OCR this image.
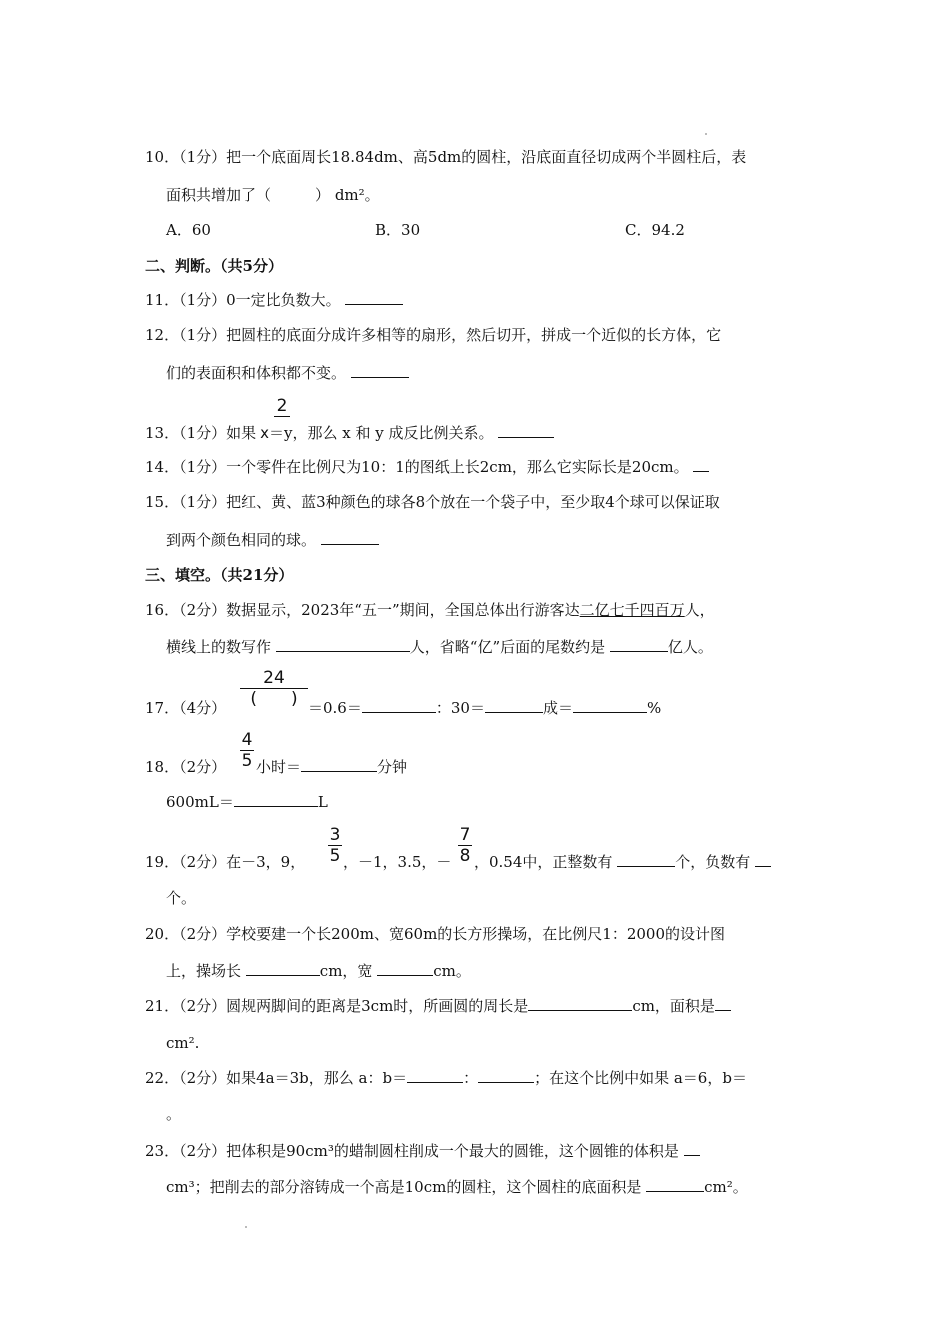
10．（1分）把一个底面周长18.84dm、高5dm的圆柱，沿底面直径切成两个半圆柱后，表
面积共增加了（	） dm²。
A．60	B．30	C．94.2
二、判断。（共5分）
11．（1分）0一定比负数大。
12．（1分）把圆柱的底面分成许多相等的扇形，然后切开，拼成一个近似的长方体，它
们的表面积和体积都不变。
2
13．（1分）如果 x＝y，那么 x 和 y 成反比例关系。
14．（1分）一个零件在比例尺为10：1的图纸上长2cm，那么它实际长是20cm。
15．（1分）把红、黄、蓝3种颜色的球各8个放在一个袋子中，至少取4个球可以保证取
到两个颜色相同的球。
三、填空。（共21分）
16．（2分）数据显示，2023年“五一”期间，全国总体出行游客达二亿七千四百万人，
横线上的数写作	人，省略“亿”后面的尾数约是	亿人。
24
(　　)
17．（4分）	＝0.6＝	：30＝	成＝	%
4
5
18．（2分） 小时＝	分钟
600mL＝	L
3
5
7
8
19．（2分）在－3，9，	，－1，3.5，－ ，0.54中，正整数有	个，负数有
个。
20．（2分）学校要建一个长200m、宽60m的长方形操场，在比例尺1：2000的设计图
上，操场长	cm，宽	cm。
21．（2分）圆规两脚间的距离是3cm时，所画圆的周长是	cm，面积是
cm².
22．（2分）如果4a＝3b，那么 a：b＝	：	；在这个比例中如果 a＝6，b＝
。
23．（2分）把体积是90cm³的蜡制圆柱削成一个最大的圆锥，这个圆锥的体积是
cm³；把削去的部分溶铸成一个高是10cm的圆柱，这个圆柱的底面积是	cm²。
